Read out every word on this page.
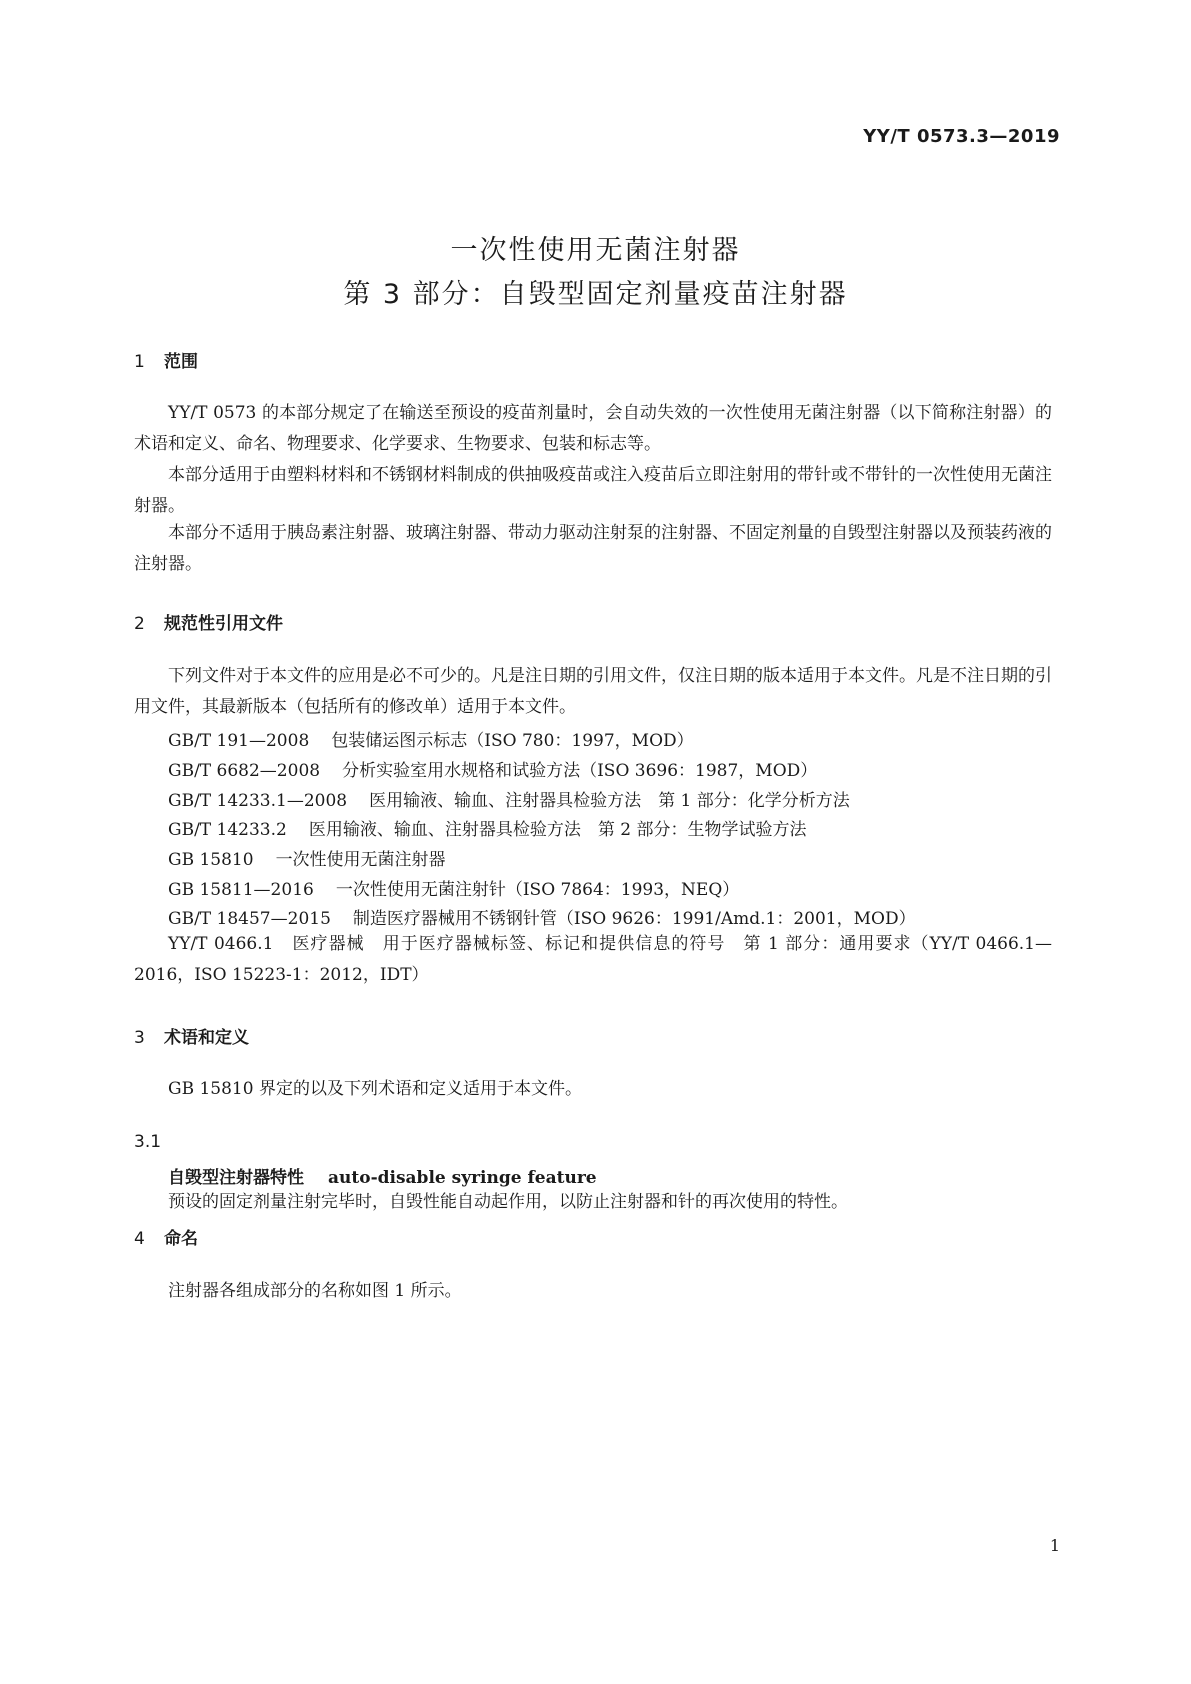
YY/T 0573.3—2019
一次性使用无菌注射器
第 3 部分：自毁型固定剂量疫苗注射器
1 范围

YY/T 0573 的本部分规定了在输送至预设的疫苗剂量时，会自动失效的一次性使用无菌注射器（以下简称注射器）的术语和定义、命名、物理要求、化学要求、生物要求、包装和标志等。

本部分适用于由塑料材料和不锈钢材料制成的供抽吸疫苗或注入疫苗后立即注射用的带针或不带针的一次性使用无菌注射器。

本部分不适用于胰岛素注射器、玻璃注射器、带动力驱动注射泵的注射器、不固定剂量的自毁型注射器以及预装药液的注射器。

2 规范性引用文件

下列文件对于本文件的应用是必不可少的。凡是注日期的引用文件，仅注日期的版本适用于本文件。凡是不注日期的引用文件，其最新版本（包括所有的修改单）适用于本文件。

GB/T 191—2008 包装储运图示标志（ISO 780：1997，MOD）
GB/T 6682—2008 分析实验室用水规格和试验方法（ISO 3696：1987，MOD）
GB/T 14233.1—2008 医用输液、输血、注射器具检验方法　第 1 部分：化学分析方法
GB/T 14233.2 医用输液、输血、注射器具检验方法　第 2 部分：生物学试验方法
GB 15810 一次性使用无菌注射器
GB 15811—2016 一次性使用无菌注射针（ISO 7864：1993，NEQ）
GB/T 18457—2015 制造医疗器械用不锈钢针管（ISO 9626：1991/Amd.1：2001，MOD）

YY/T 0466.1　医疗器械　用于医疗器械标签、标记和提供信息的符号　第 1 部分：通用要求（YY/T 0466.1—2016，ISO 15223-1：2012，IDT）

3 术语和定义

GB 15810 界定的以及下列术语和定义适用于本文件。

3.1
自毁型注射器特性 auto-disable syringe feature

预设的固定剂量注射完毕时，自毁性能自动起作用，以防止注射器和针的再次使用的特性。

4 命名

注射器各组成部分的名称如图 1 所示。

1
